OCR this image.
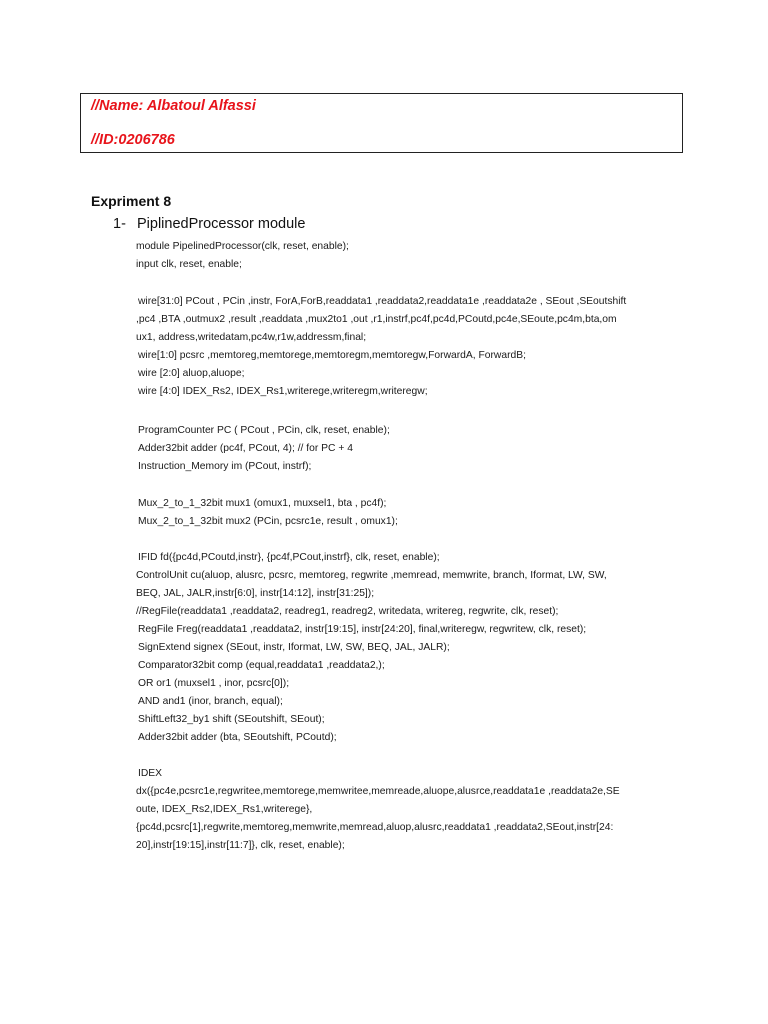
//Name: Albatoul Alfassi
//ID:0206786
Expriment 8
1- PiplinedProcessor module
module PipelinedProcessor(clk, reset, enable);
input clk, reset, enable;
wire[31:0] PCout , PCin ,instr, ForA,ForB,readdata1 ,readdata2,readdata1e ,readdata2e , SEout ,SEoutshift
,pc4 ,BTA ,outmux2 ,result ,readdata ,mux2to1 ,out ,r1,instrf,pc4f,pc4d,PCoutd,pc4e,SEoute,pc4m,bta,om
ux1, address,writedatam,pc4w,r1w,addressm,final;
wire[1:0] pcsrc ,memtoreg,memtorege,memtoregm,memtoregw,ForwardA, ForwardB;
wire [2:0] aluop,aluope;
wire [4:0] IDEX_Rs2, IDEX_Rs1,writerege,writeregm,writeregw;
ProgramCounter PC ( PCout , PCin, clk, reset, enable);
Adder32bit adder (pc4f, PCout, 4); // for PC + 4
Instruction_Memory im (PCout, instrf);
Mux_2_to_1_32bit mux1 (omux1, muxsel1, bta , pc4f);
Mux_2_to_1_32bit mux2 (PCin, pcsrc1e, result , omux1);
IFID fd({pc4d,PCoutd,instr}, {pc4f,PCout,instrf}, clk, reset, enable);
ControlUnit cu(aluop, alusrc, pcsrc, memtoreg, regwrite ,memread, memwrite, branch, Iformat, LW, SW,
BEQ, JAL, JALR,instr[6:0], instr[14:12], instr[31:25]);
//RegFile(readdata1 ,readdata2, readreg1, readreg2, writedata, writereg, regwrite, clk, reset);
RegFile Freg(readdata1 ,readdata2, instr[19:15], instr[24:20], final,writeregw, regwritew, clk, reset);
SignExtend signex (SEout, instr, Iformat, LW, SW, BEQ, JAL, JALR);
Comparator32bit comp (equal,readdata1 ,readdata2,);
OR or1 (muxsel1 , inor, pcsrc[0]);
AND and1 (inor, branch, equal);
ShiftLeft32_by1 shift (SEoutshift, SEout);
Adder32bit adder (bta, SEoutshift, PCoutd);
IDEX
dx({pc4e,pcsrc1e,regwritee,memtorege,memwritee,memreade,aluope,alusrce,readdata1e ,readdata2e,SE
oute, IDEX_Rs2,IDEX_Rs1,writerege},
{pc4d,pcsrc[1],regwrite,memtoreg,memwrite,memread,aluop,alusrc,readdata1 ,readdata2,SEout,instr[24:
20],instr[19:15],instr[11:7]}, clk, reset, enable);
